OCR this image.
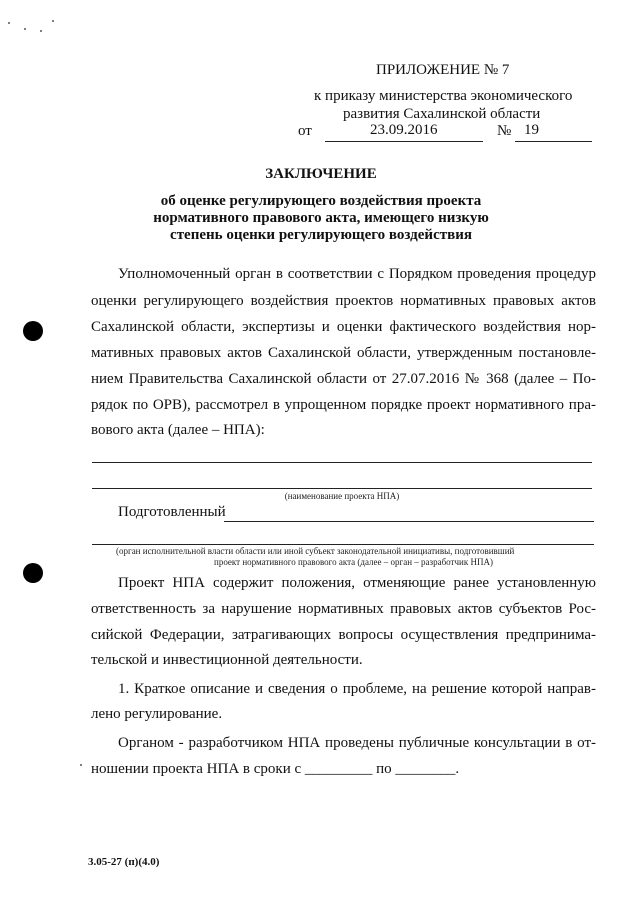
ПРИЛОЖЕНИЕ № 7
к приказу министерства экономического
развития Сахалинской области
от	23.09.2016	№ 19
ЗАКЛЮЧЕНИЕ
об оценке регулирующего воздействия проекта
нормативного правового акта, имеющего низкую
степень оценки регулирующего воздействия
Уполномоченный орган в соответствии с Порядком проведения процедур
оценки регулирующего воздействия проектов нормативных правовых актов
Сахалинской области, экспертизы и оценки фактического воздействия нор-
мативных правовых актов Сахалинской области, утвержденным постановле-
нием Правительства Сахалинской области от 27.07.2016 № 368 (далее – По-
рядок по ОРВ), рассмотрел в упрощенном порядке проект нормативного пра-
вового акта (далее – НПА):
(наименование проекта НПА)
Подготовленный
(орган исполнительной власти области или иной субъект законодательной инициативы, подготовивший
проект нормативного правового акта (далее – орган – разработчик НПА)
Проект НПА содержит положения, отменяющие ранее установленную
ответственность за нарушение нормативных правовых актов субъектов Рос-
сийской Федерации, затрагивающих вопросы осуществления предпринима-
тельской и инвестиционной деятельности.
1. Краткое описание и сведения о проблеме, на решение которой направ-
лено регулирование.
Органом - разработчиком НПА проведены публичные консультации в от-
ношении проекта НПА в сроки с _________ по ________.
3.05-27 (п)(4.0)
